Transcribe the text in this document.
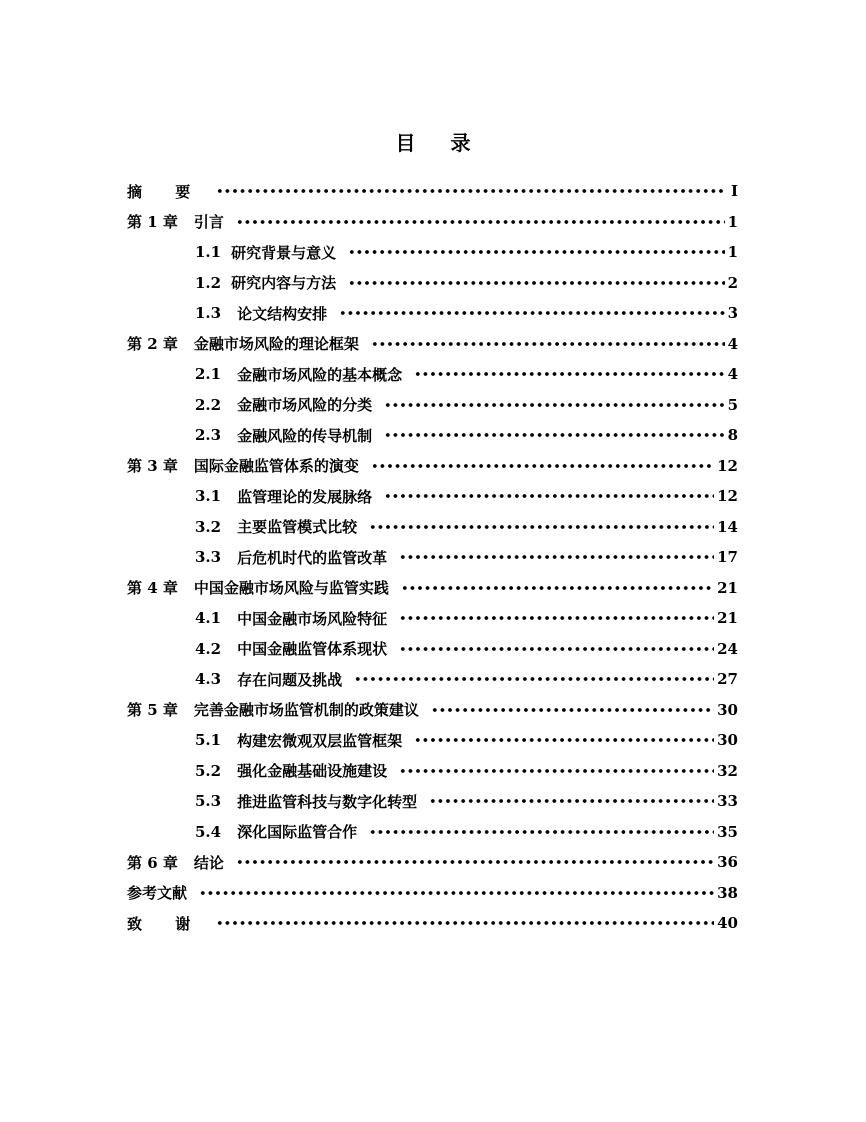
目 录
摘 要	I
第 1 章 引言	1
1.1 研究背景与意义	1
1.2 研究内容与方法	2
1.3 论文结构安排	3
第 2 章 金融市场风险的理论框架	4
2.1 金融市场风险的基本概念	4
2.2 金融市场风险的分类	5
2.3 金融风险的传导机制	8
第 3 章 国际金融监管体系的演变	12
3.1 监管理论的发展脉络	12
3.2 主要监管模式比较	14
3.3 后危机时代的监管改革	17
第 4 章 中国金融市场风险与监管实践	21
4.1 中国金融市场风险特征	21
4.2 中国金融监管体系现状	24
4.3 存在问题及挑战	27
第 5 章 完善金融市场监管机制的政策建议	30
5.1 构建宏微观双层监管框架	30
5.2 强化金融基础设施建设	32
5.3 推进监管科技与数字化转型	33
5.4 深化国际监管合作	35
第 6 章 结论	36
参考文献	38
致 谢	40
